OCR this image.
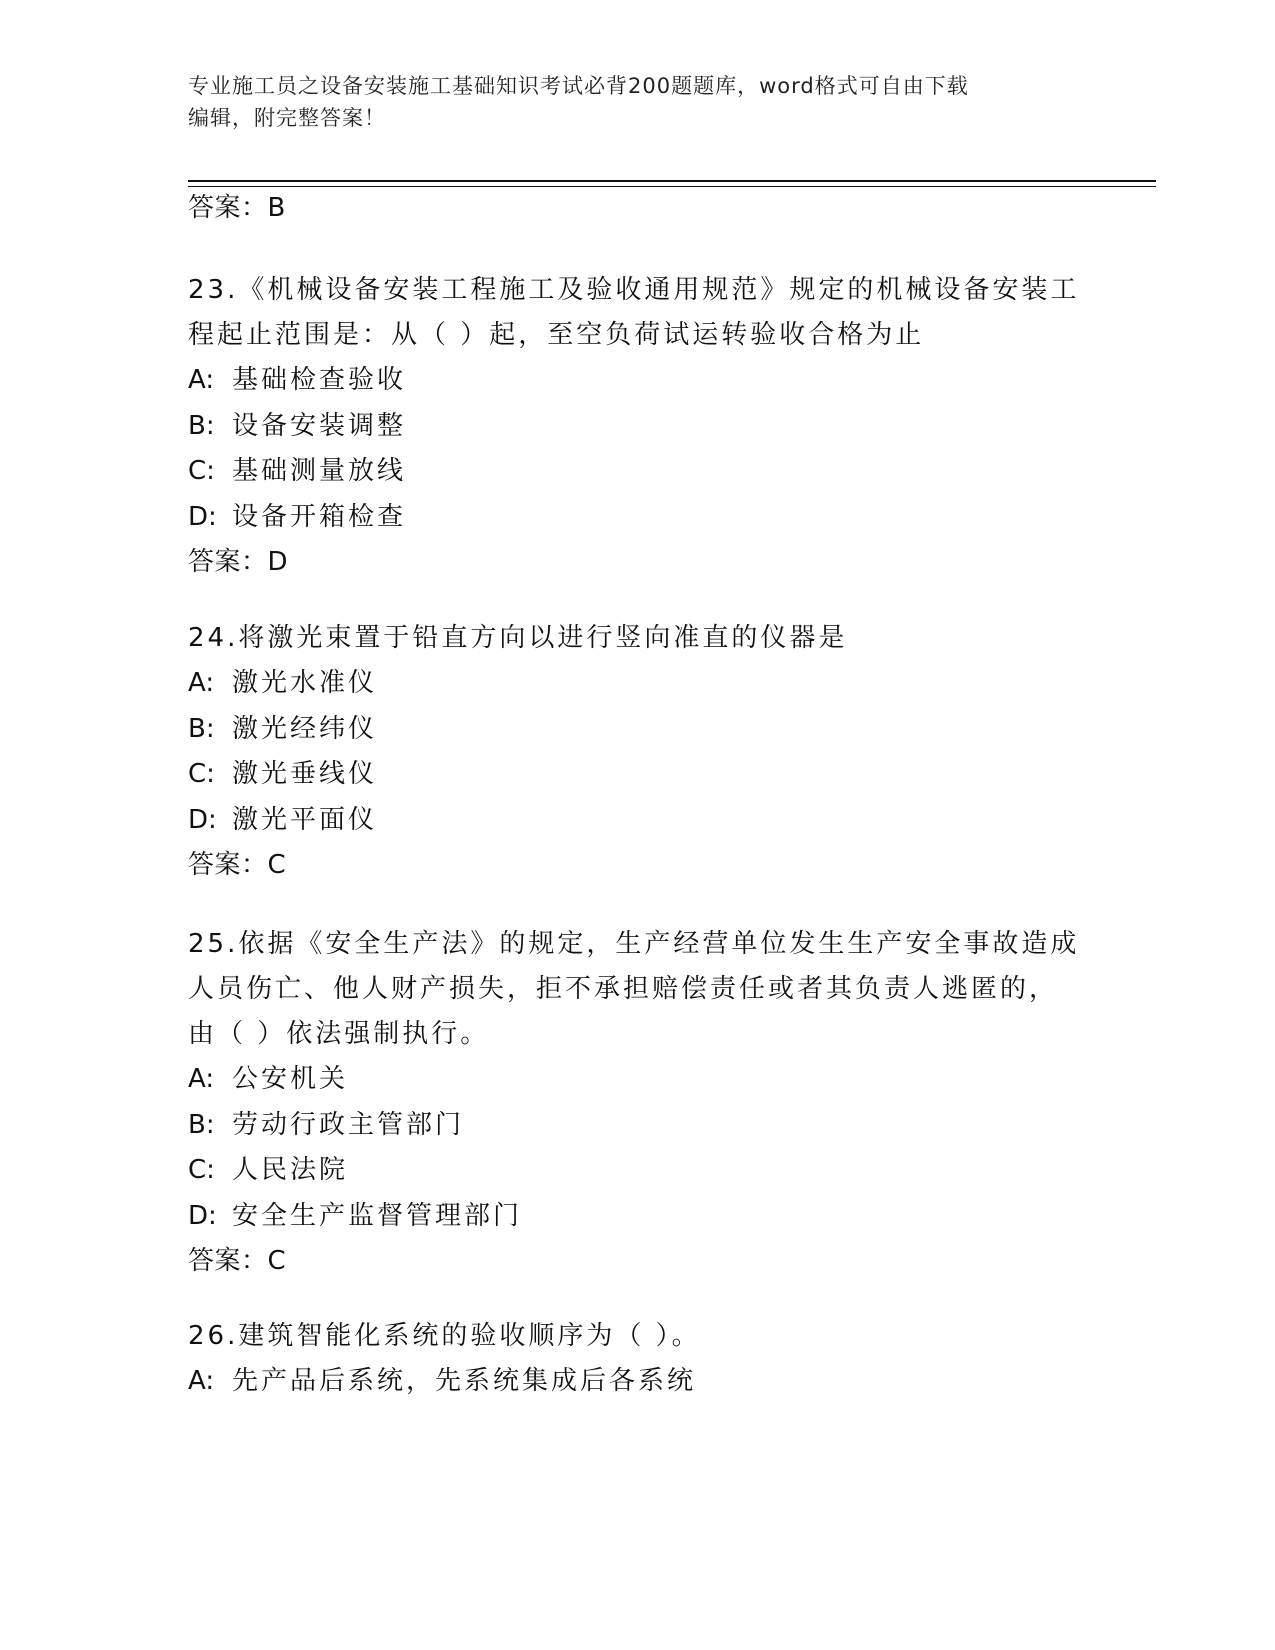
专业施工员之设备安装施工基础知识考试必背200题题库，word格式可自由下载
编辑，附完整答案！
答案：B
23.《机械设备安装工程施工及验收通用规范》规定的机械设备安装工
程起止范围是：从（ ）起，至空负荷试运转验收合格为止
A: 基础检查验收
B: 设备安装调整
C: 基础测量放线
D: 设备开箱检查
答案：D
24.将激光束置于铅直方向以进行竖向准直的仪器是
A: 激光水准仪
B: 激光经纬仪
C: 激光垂线仪
D: 激光平面仪
答案：C
25.依据《安全生产法》的规定，生产经营单位发生生产安全事故造成
人员伤亡、他人财产损失，拒不承担赔偿责任或者其负责人逃匿的，
由（ ）依法强制执行。
A: 公安机关
B: 劳动行政主管部门
C: 人民法院
D: 安全生产监督管理部门
答案：C
26.建筑智能化系统的验收顺序为（ ）。
A: 先产品后系统，先系统集成后各系统
